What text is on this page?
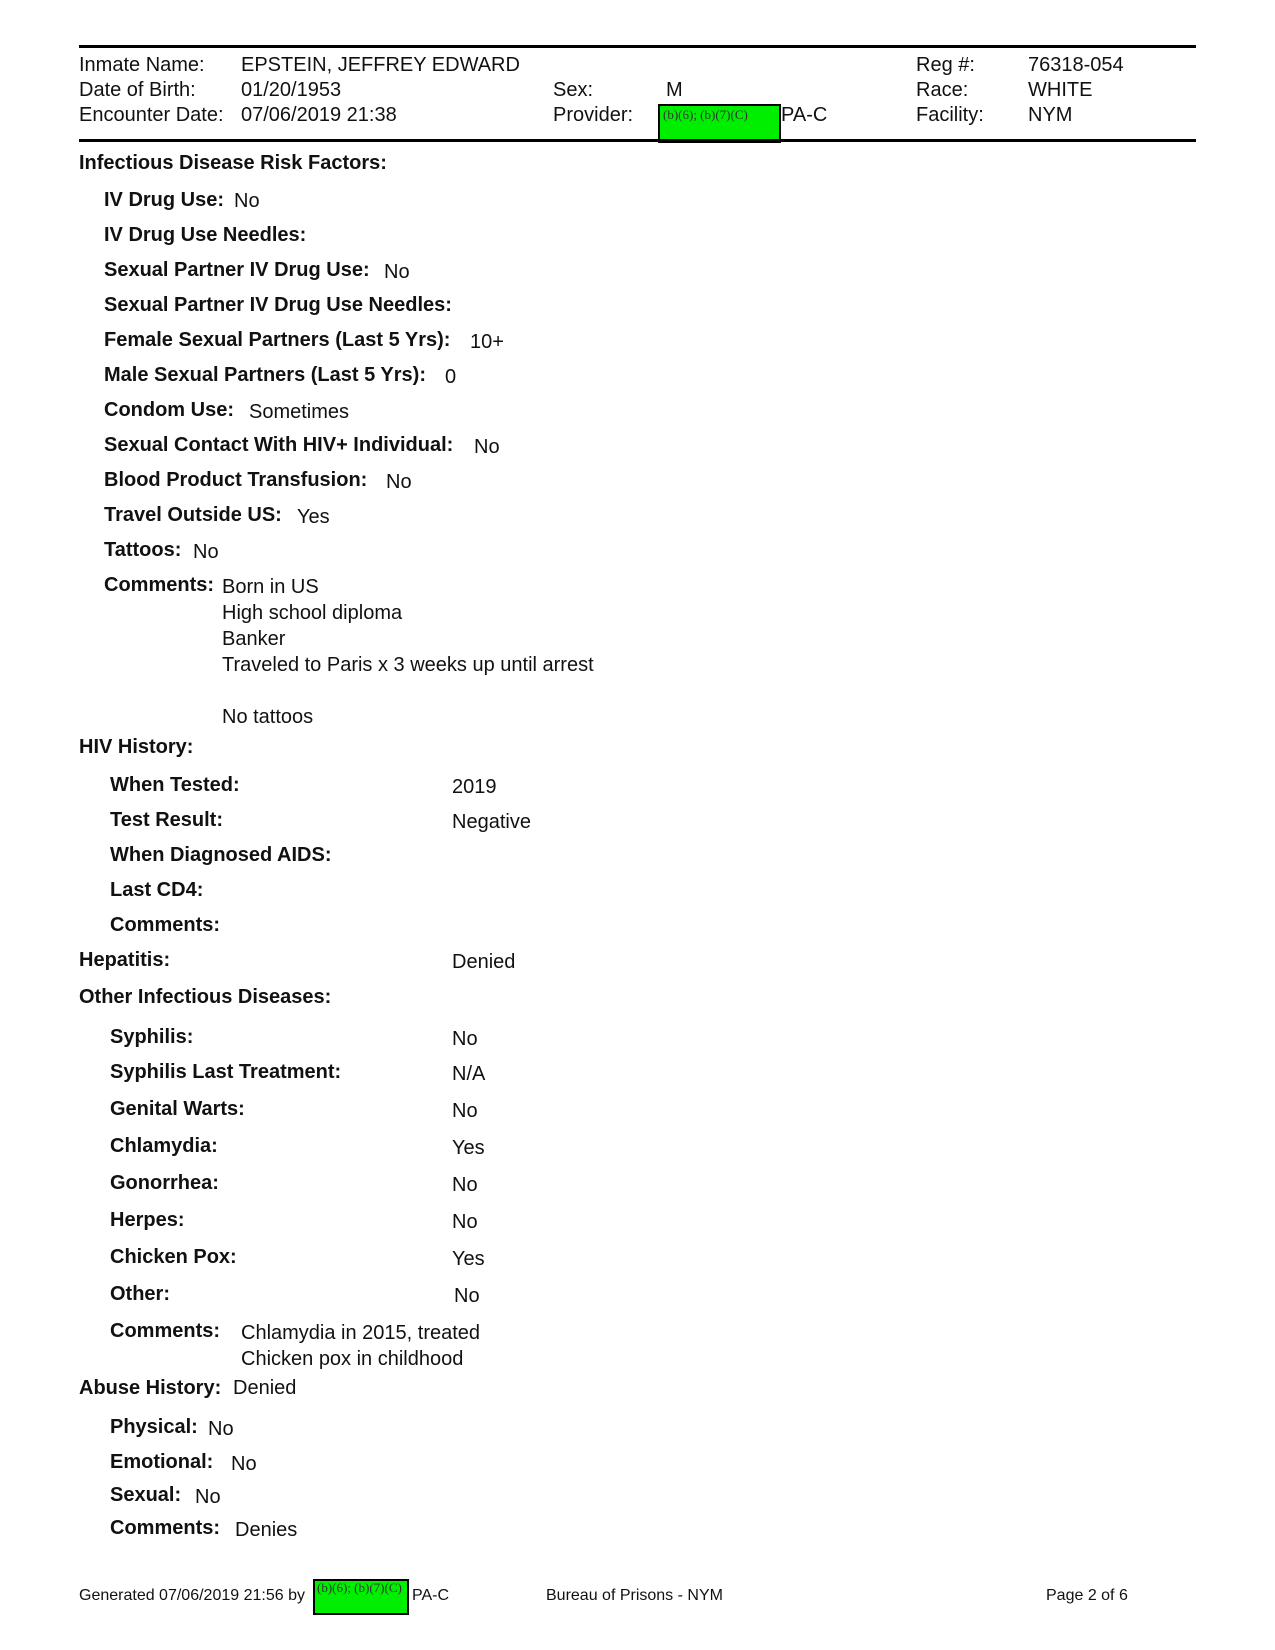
Inmate Name: EPSTEIN, JEFFREY EDWARD
Date of Birth: 01/20/1953
Encounter Date: 07/06/2019 21:38
Sex:	M
Provider:	(b)(6); (b)(7)(C)	PA-C
Reg #:	76318-054
Race:	WHITE
Facility: NYM
Infectious Disease Risk Factors:
IV Drug Use: No
IV Drug Use Needles:
Sexual Partner IV Drug Use: No
Sexual Partner IV Drug Use Needles:
Female Sexual Partners (Last 5 Yrs): 10+
Male Sexual Partners (Last 5 Yrs): 0
Condom Use: Sometimes
Sexual Contact With HIV+ Individual: No
Blood Product Transfusion: No
Travel Outside US: Yes
Tattoos: No
Comments: Born in US
High school diploma
Banker
Traveled to Paris x 3 weeks up until arrest
No tattoos
HIV History:
When Tested:	2019
Test Result:	Negative
When Diagnosed AIDS:
Last CD4:
Comments:
Hepatitis:	Denied
Other Infectious Diseases:
Syphilis:	No
Syphilis Last Treatment:	N/A
Genital Warts:	No
Chlamydia:	Yes
Gonorrhea:	No
Herpes:	No
Chicken Pox:	Yes
Other:	No
Comments: Chlamydia in 2015, treated
Chicken pox in childhood
Abuse History: Denied
Physical: No
Emotional: No
Sexual: No
Comments: Denies
Generated 07/06/2019 21:56 by (b)(6); (b)(7)(C) PA-C	Bureau of Prisons - NYM	Page 2 of 6
